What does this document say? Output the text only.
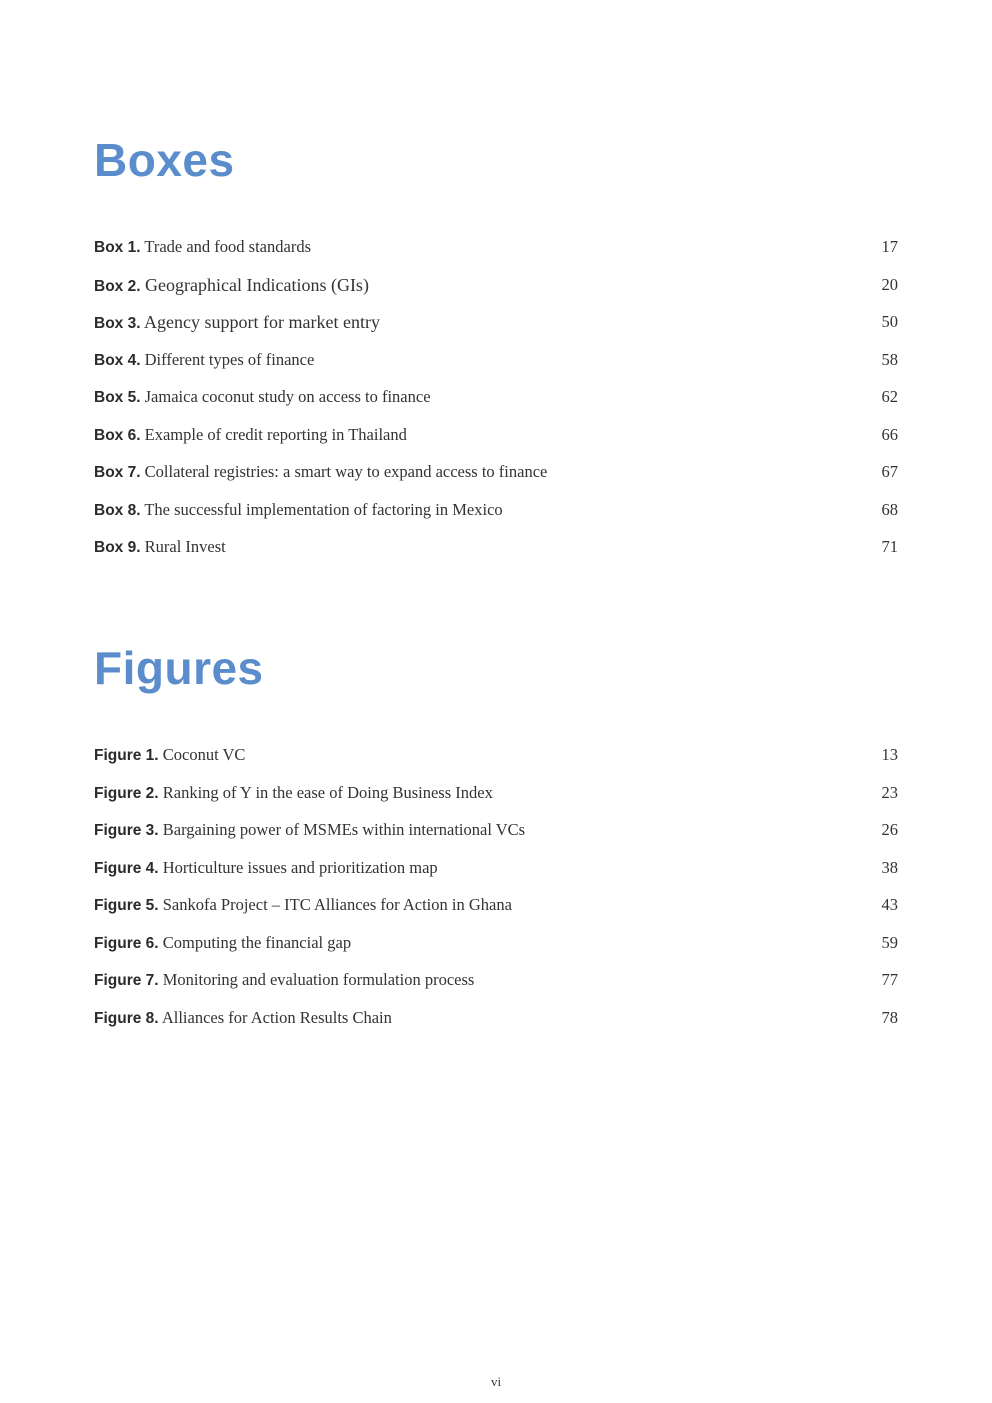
Boxes
Box 1. Trade and food standards	17
Box 2. Geographical Indications (GIs)	20
Box 3. Agency support for market entry	50
Box 4. Different types of finance	58
Box 5. Jamaica coconut study on access to finance	62
Box 6. Example of credit reporting in Thailand	66
Box 7. Collateral registries: a smart way to expand access to finance	67
Box 8. The successful implementation of factoring in Mexico	68
Box 9. Rural Invest	71
Figures
Figure 1. Coconut VC	13
Figure 2. Ranking of Y in the ease of Doing Business Index	23
Figure 3. Bargaining power of MSMEs within international VCs	26
Figure 4. Horticulture issues and prioritization map	38
Figure 5. Sankofa Project – ITC Alliances for Action in Ghana	43
Figure 6. Computing the financial gap	59
Figure 7. Monitoring and evaluation formulation process	77
Figure 8. Alliances for Action Results Chain	78
vi
